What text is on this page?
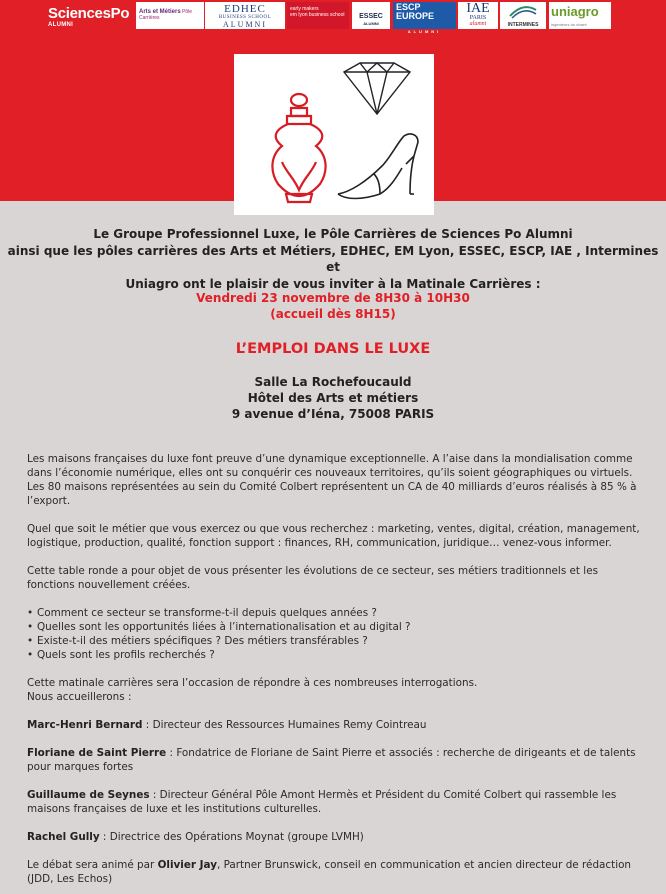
SciencesPo
ALUMNI
Arts et Métiers Pôle Carrières
EDHEC
BUSINESS SCHOOL
ALUMNI
early makers
em lyon business school	ESSEC
ALUMNI
ESCP EUROPE
ALUMNI
IAE
PARIS
alumni	INTERMINES
uniagro
ingénieurs du vivant
Le Groupe Professionnel Luxe, le Pôle Carrières de Sciences Po Alumni
ainsi que les pôles carrières des Arts et Métiers, EDHEC, EM Lyon, ESSEC, ESCP, IAE , Intermines et
Uniagro ont le plaisir de vous inviter à la Matinale Carrières :
Vendredi 23 novembre de 8H30 à 10H30
(accueil dès 8H15)
L’EMPLOI DANS LE LUXE
Salle La Rochefoucauld
Hôtel des Arts et métiers
9 avenue d’Iéna, 75008 PARIS

Les maisons françaises du luxe font preuve d’une dynamique exceptionnelle. A l’aise dans la mondialisation comme dans l’économie numérique, elles ont su conquérir ces nouveaux territoires, qu’ils soient géographiques ou virtuels. Les 80 maisons représentées au sein du Comité Colbert représentent un CA de 40 milliards d’euros réalisés à 85 % à l’export.

Quel que soit le métier que vous exercez ou que vous recherchez : marketing, ventes, digital, création, management, logistique, production, qualité, fonction support : finances, RH, communication, juridique… venez-vous informer.

Cette table ronde a pour objet de vous présenter les évolutions de ce secteur, ses métiers traditionnels et les fonctions nouvellement créées.

• Comment ce secteur se transforme-t-il depuis quelques années ?
• Quelles sont les opportunités liées à l’internationalisation et au digital ?
• Existe-t-il des métiers spécifiques ? Des métiers transférables ?
• Quels sont les profils recherchés ?

Cette matinale carrières sera l’occasion de répondre à ces nombreuses interrogations.

Nous accueillerons :

Marc-Henri Bernard : Directeur des Ressources Humaines Remy Cointreau

Floriane de Saint Pierre : Fondatrice de Floriane de Saint Pierre et associés : recherche de dirigeants et de talents pour marques fortes

Guillaume de Seynes : Directeur Général Pôle Amont Hermès et Président du Comité Colbert qui rassemble les maisons françaises de luxe et les institutions culturelles.

Rachel Gully : Directrice des Opérations Moynat (groupe LVMH)

Le débat sera animé par Olivier Jay, Partner Brunswick, conseil en communication et ancien directeur de rédaction (JDD, Les Echos)
